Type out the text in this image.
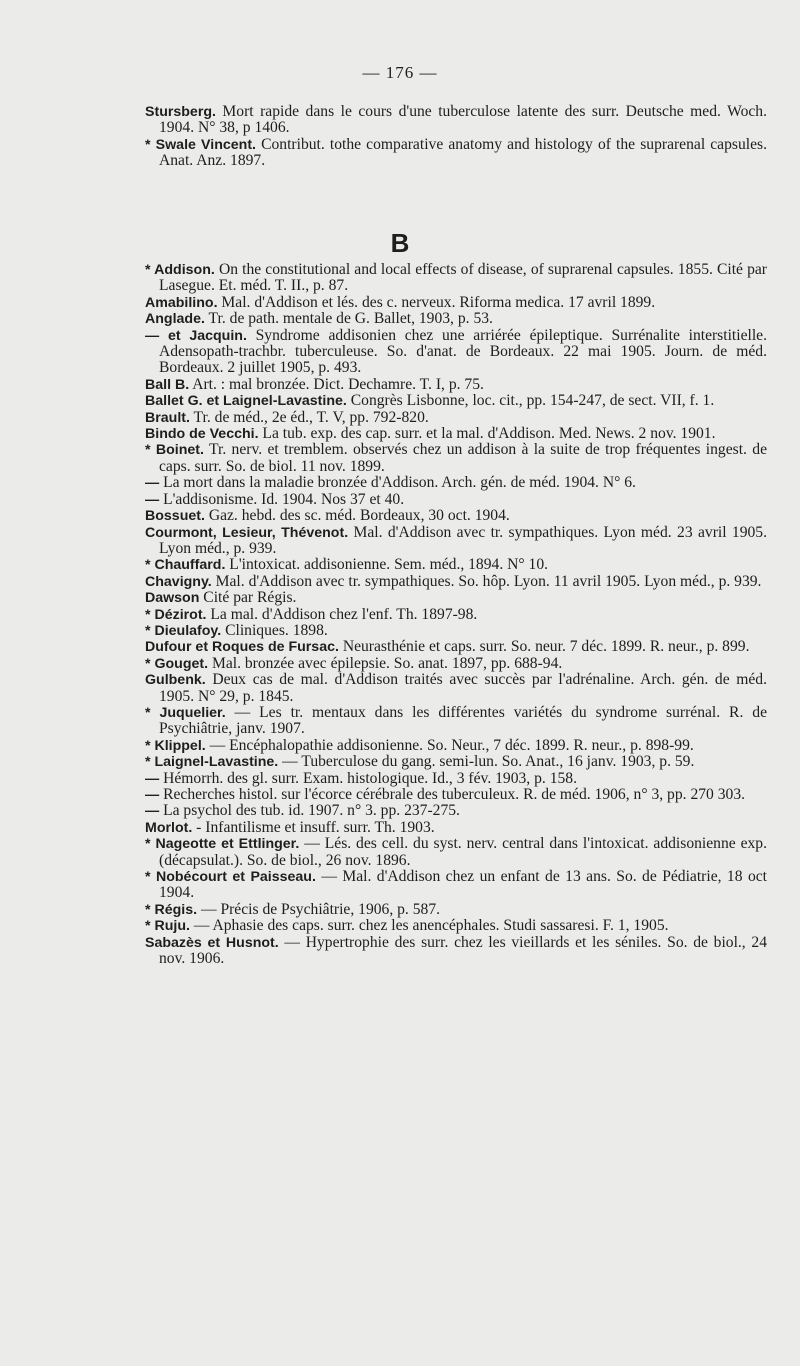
— 176 —

Stursberg. Mort rapide dans le cours d'une tuberculose latente des surr. Deutsche med. Woch. 1904. N° 38, p 1406.

* Swale Vincent. Contribut. tothe comparative anatomy and histology of the suprarenal capsules. Anat. Anz. 1897.

B

* Addison. On the constitutional and local effects of disease, of suprarenal capsules. 1855. Cité par Lasegue. Et. méd. T. II., p. 87.

Amabilino. Mal. d'Addison et lés. des c. nerveux. Riforma medica. 17 avril 1899.

Anglade. Tr. de path. mentale de G. Ballet, 1903, p. 53.

— et Jacquin. Syndrome addisonien chez une arriérée épileptique. Surrénalite interstitielle. Adensopath-trachbr. tuberculeuse. So. d'anat. de Bordeaux. 22 mai 1905. Journ. de méd. Bordeaux. 2 juillet 1905, p. 493.

Ball B. Art. : mal bronzée. Dict. Dechamre. T. I, p. 75.

Ballet G. et Laignel-Lavastine. Congrès Lisbonne, loc. cit., pp. 154-247, de sect. VII, f. 1.

Brault. Tr. de méd., 2e éd., T. V, pp. 792-820.

Bindo de Vecchi. La tub. exp. des cap. surr. et la mal. d'Addison. Med. News. 2 nov. 1901.

* Boinet. Tr. nerv. et tremblem. observés chez un addison à la suite de trop fréquentes ingest. de caps. surr. So. de biol. 11 nov. 1899.

— La mort dans la maladie bronzée d'Addison. Arch. gén. de méd. 1904. N° 6.

— L'addisonisme. Id. 1904. Nos 37 et 40.

Bossuet. Gaz. hebd. des sc. méd. Bordeaux, 30 oct. 1904.

Courmont, Lesieur, Thévenot. Mal. d'Addison avec tr. sympathiques. Lyon méd. 23 avril 1905. Lyon méd., p. 939.

* Chauffard. L'intoxicat. addisonienne. Sem. méd., 1894. N° 10.

Chavigny. Mal. d'Addison avec tr. sympathiques. So. hôp. Lyon. 11 avril 1905. Lyon méd., p. 939.

Dawson Cité par Régis.

* Dézirot. La mal. d'Addison chez l'enf. Th. 1897-98.

* Dieulafoy. Cliniques. 1898.

Dufour et Roques de Fursac. Neurasthénie et caps. surr. So. neur. 7 déc. 1899. R. neur., p. 899.

* Gouget. Mal. bronzée avec épilepsie. So. anat. 1897, pp. 688-94.

Gulbenk. Deux cas de mal. d'Addison traités avec succès par l'adrénaline. Arch. gén. de méd. 1905. N° 29, p. 1845.

* Juquelier. — Les tr. mentaux dans les différentes variétés du syndrome surrénal. R. de Psychiâtrie, janv. 1907.

* Klippel. — Encéphalopathie addisonienne. So. Neur., 7 déc. 1899. R. neur., p. 898-99.

* Laignel-Lavastine. — Tuberculose du gang. semi-lun. So. Anat., 16 janv. 1903, p. 59.

— Hémorrh. des gl. surr. Exam. histologique. Id., 3 fév. 1903, p. 158.

— Recherches histol. sur l'écorce cérébrale des tuberculeux. R. de méd. 1906, n° 3, pp. 270 303.

— La psychol des tub. id. 1907. n° 3. pp. 237-275.

Morlot. - Infantilisme et insuff. surr. Th. 1903.

* Nageotte et Ettlinger. — Lés. des cell. du syst. nerv. central dans l'intoxicat. addisonienne exp. (décapsulat.). So. de biol., 26 nov. 1896.

* Nobécourt et Paisseau. — Mal. d'Addison chez un enfant de 13 ans. So. de Pédiatrie, 18 oct 1904.

* Régis. — Précis de Psychiâtrie, 1906, p. 587.

* Ruju. — Aphasie des caps. surr. chez les anencéphales. Studi sassaresi. F. 1, 1905.

Sabazès et Husnot. — Hypertrophie des surr. chez les vieillards et les séniles. So. de biol., 24 nov. 1906.
